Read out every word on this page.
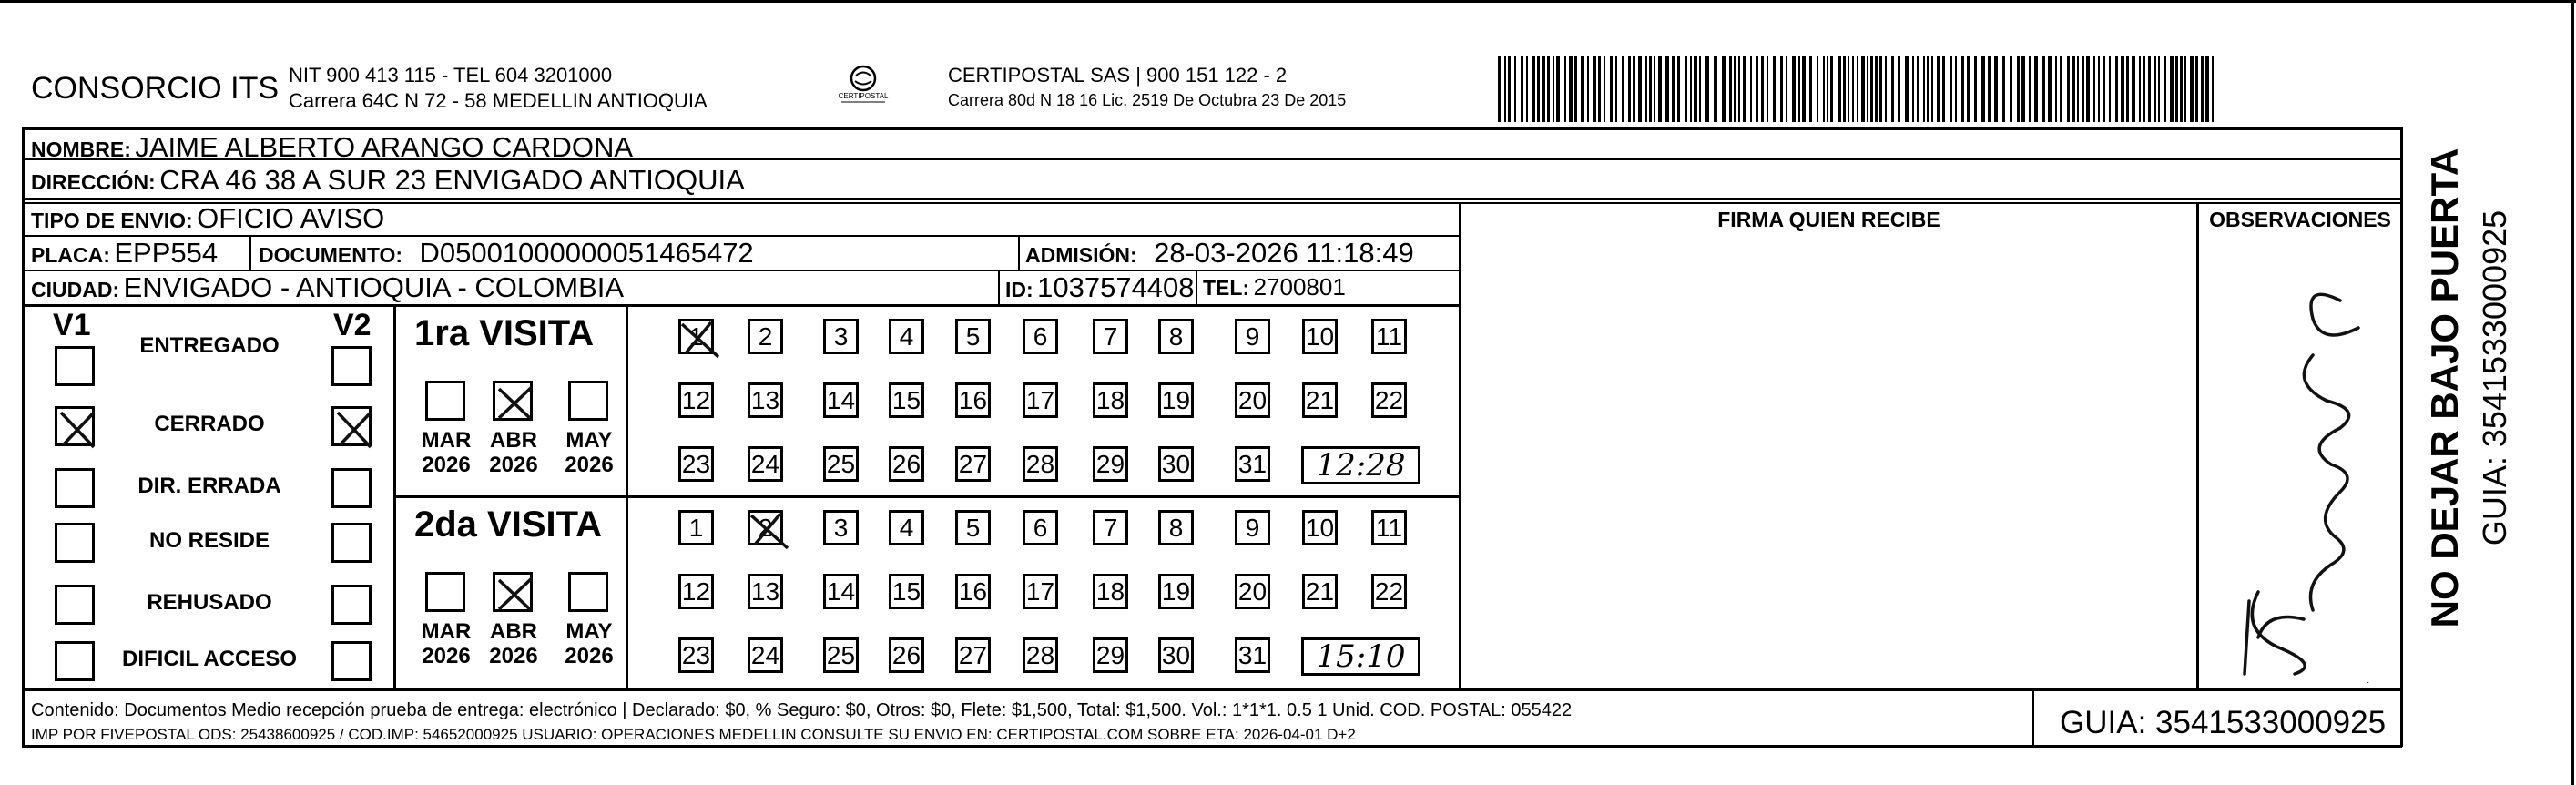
CONSORCIO ITS NIT 900 413 115 - TEL 604 3201000
Carrera 64C N 72 - 58 MEDELLIN ANTIOQUIA	CERTIPOSTAL
CERTIPOSTAL SAS | 900 151 122 - 2
Carrera 80d N 18 16 Lic. 2519 De Octubra 23 De 2015
NOMBRE: JAIME ALBERTO ARANGO CARDONA
DIRECCIÓN: CRA 46 38 A SUR 23 ENVIGADO ANTIOQUIA
TIPO DE ENVIO: OFICIO AVISO
PLACA: EPP554 DOCUMENTO: D05001000000051465472	ADMISIÓN: 28-03-2026 11:18:49
CIUDAD: ENVIGADO - ANTIOQUIA - COLOMBIA	ID: 1037574408 TEL: 2700801
FIRMA QUIEN RECIBE	OBSERVACIONES
V1	V2
ENTREGADO
CERRADO
DIR. ERRADA
NO RESIDE
REHUSADO
DIFICIL ACCESO
1ra VISITA
MAR
2026
ABR
2026
MAY
2026
1	2	3	4	5	6	7	8	9	10 11
12 13 14 15 16 17 18 19 20 21 22
23 24 25 26 27 28 29 30 31	12:28
2da VISITA
MAR
2026
ABR
2026
MAY
2026
1	2	3	4	5	6	7	8	9	10 11
12 13 14 15 16 17 18 19 20 21 22
23 24 25 26 27 28 29 30 31	15:10
NO DEJAR BAJO PUERTA GUIA: 3541533000925
Contenido: Documentos Medio recepción prueba de entrega: electrónico | Declarado: $0, % Seguro: $0, Otros: $0, Flete: $1,500, Total: $1,500. Vol.: 1*1*1. 0.5 1 Unid. COD. POSTAL: 055422
IMP POR FIVEPOSTAL ODS: 25438600925 / COD.IMP: 54652000925 USUARIO: OPERACIONES MEDELLIN CONSULTE SU ENVIO EN: CERTIPOSTAL.COM SOBRE ETA: 2026-04-01 D+2	GUIA: 3541533000925
